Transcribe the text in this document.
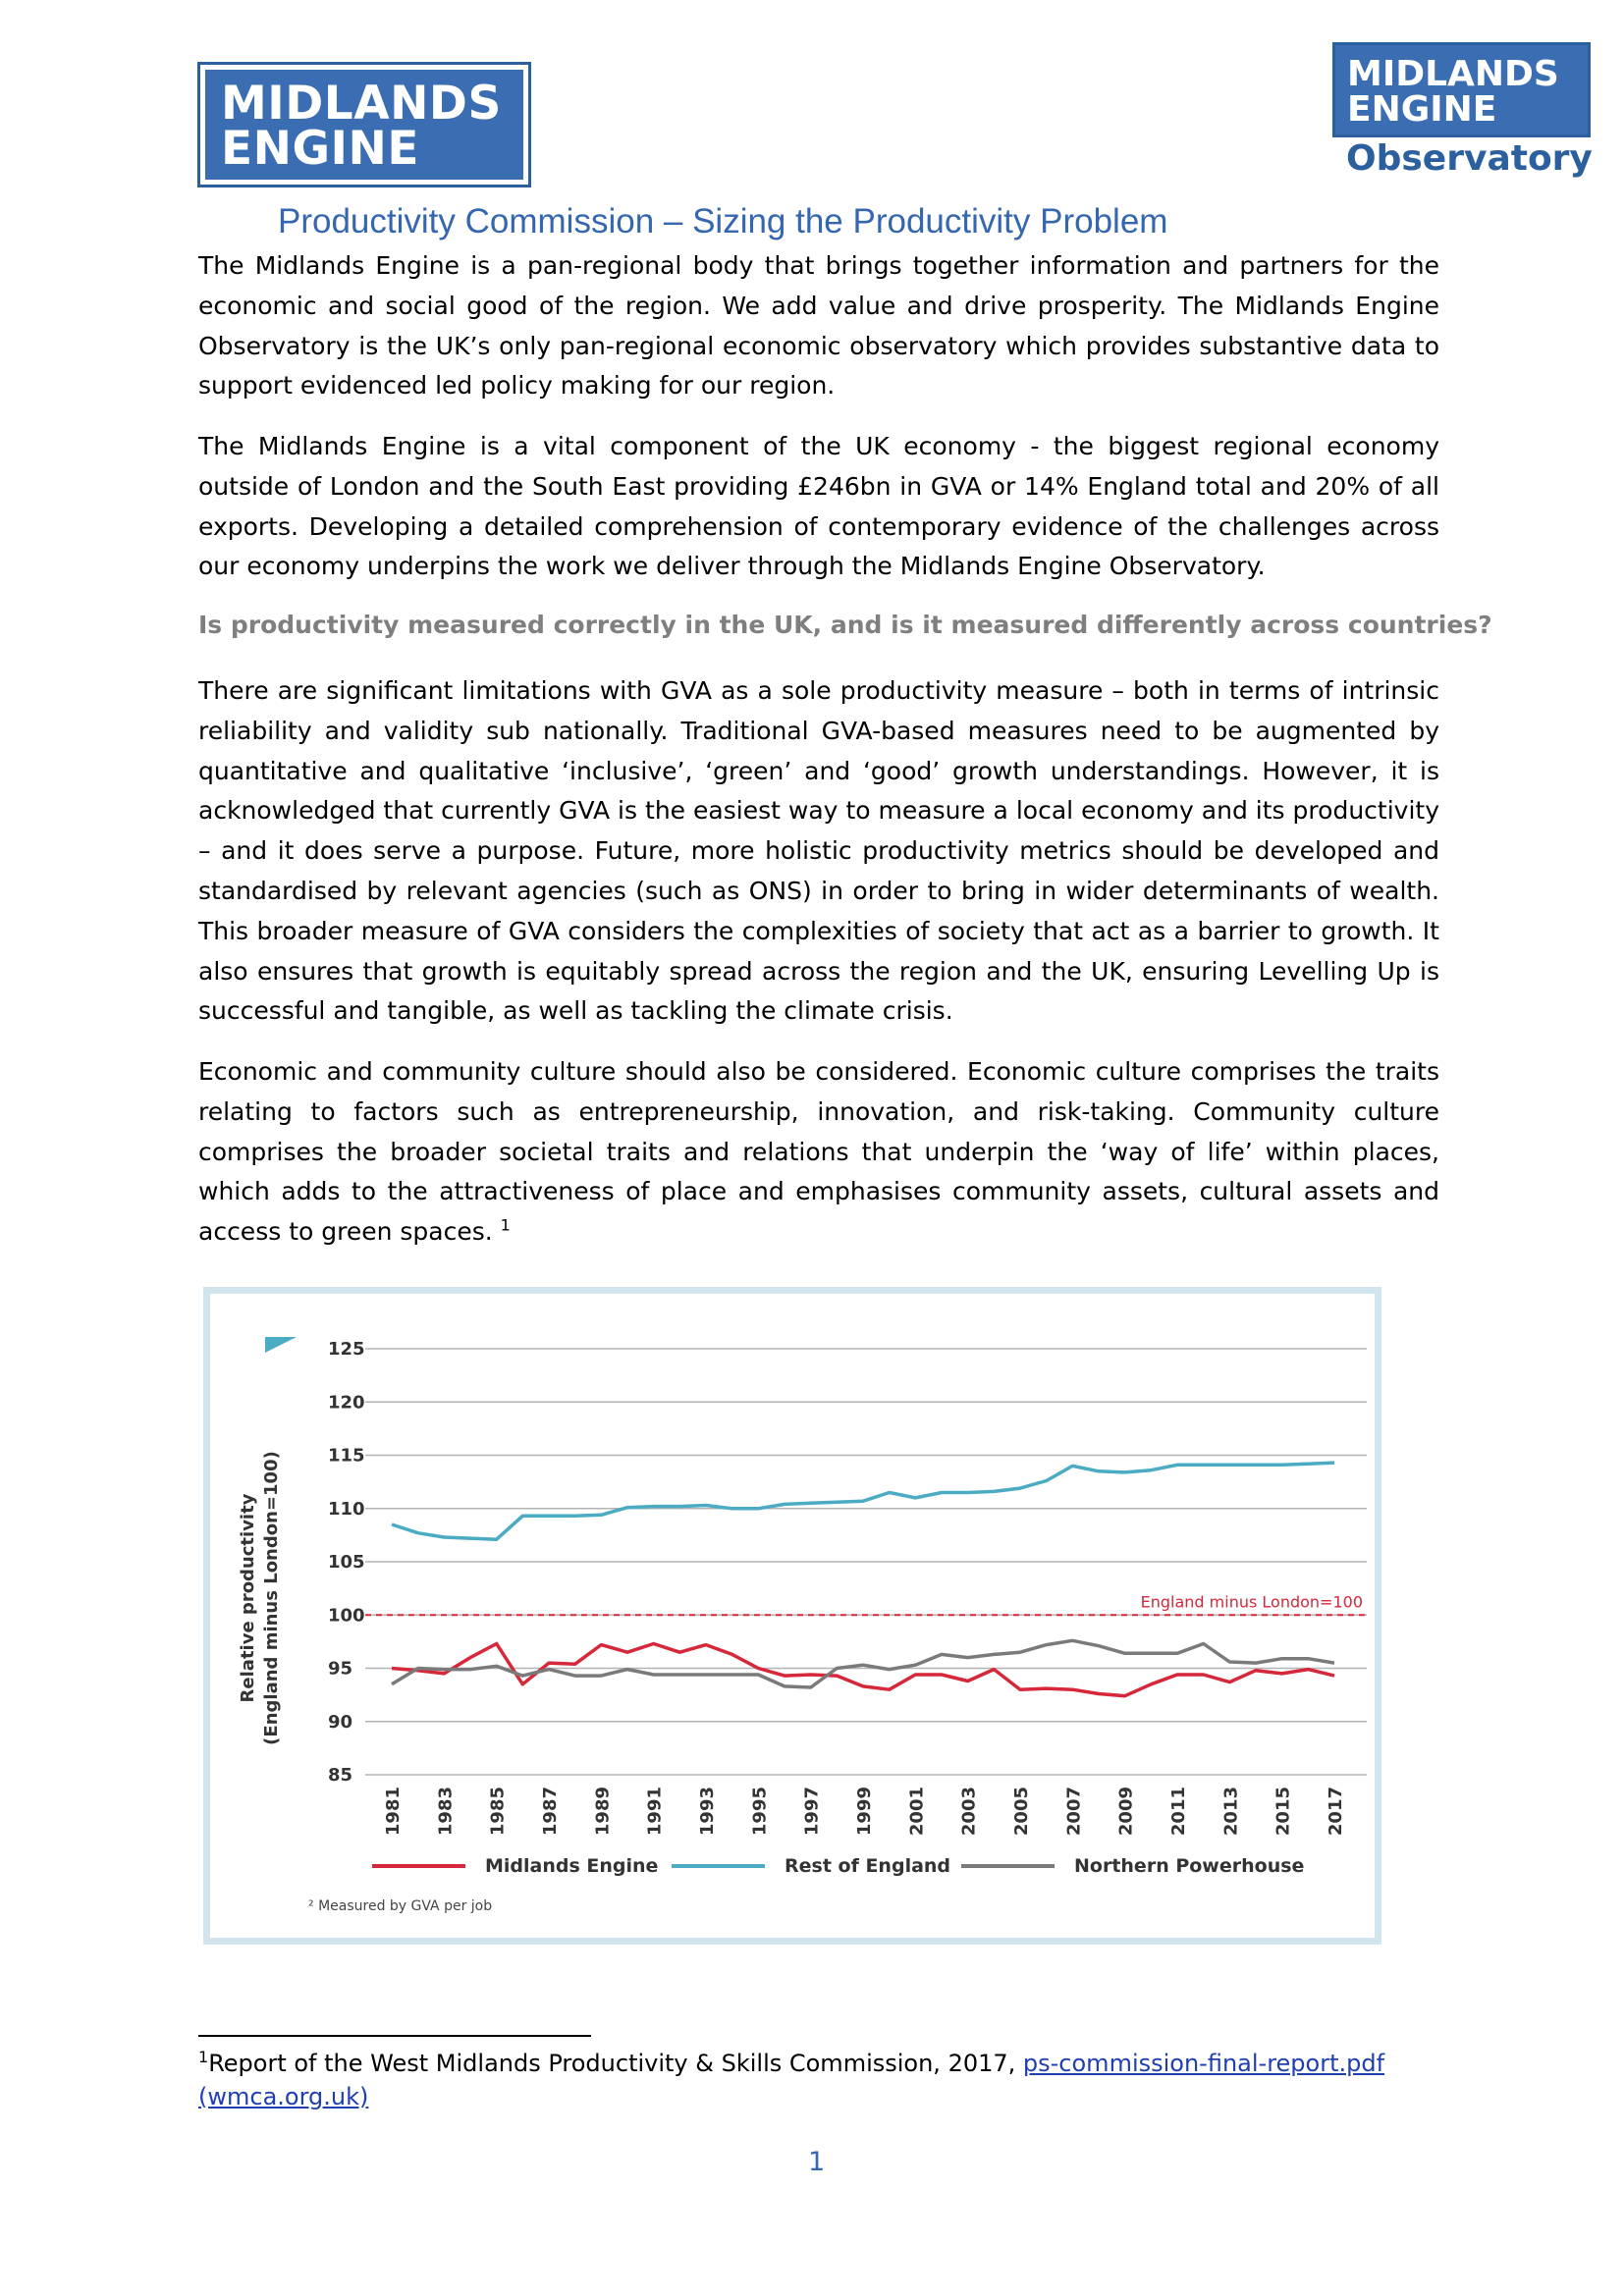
MIDLANDS
ENGINE
MIDLANDS
ENGINE
Observatory
Productivity Commission – Sizing the Productivity Problem

The Midlands Engine is a pan-regional body that brings together information and partners for the economic and social good of the region. We add value and drive prosperity. The Midlands Engine Observatory is the UK’s only pan-regional economic observatory which provides substantive data to support evidenced led policy making for our region.

The Midlands Engine is a vital component of the UK economy - the biggest regional economy outside of London and the South East providing £246bn in GVA or 14% England total and 20% of all exports. Developing a detailed comprehension of contemporary evidence of the challenges across our economy underpins the work we deliver through the Midlands Engine Observatory.

Is productivity measured correctly in the UK, and is it measured differently across countries?

There are significant limitations with GVA as a sole productivity measure – both in terms of intrinsic reliability and validity sub nationally. Traditional GVA-based measures need to be augmented by quantitative and qualitative ‘inclusive’, ‘green’ and ‘good’ growth understandings. However, it is acknowledged that currently GVA is the easiest way to measure a local economy and its productivity – and it does serve a purpose. Future, more holistic productivity metrics should be developed and standardised by relevant agencies (such as ONS) in order to bring in wider determinants of wealth. This broader measure of GVA considers the complexities of society that act as a barrier to growth. It also ensures that growth is equitably spread across the region and the UK, ensuring Levelling Up is successful and tangible, as well as tackling the climate crisis.

Economic and community culture should also be considered. Economic culture comprises the traits relating to factors such as entrepreneurship, innovation, and risk-taking. Community culture comprises the broader societal traits and relations that underpin the ‘way of life’ within places, which adds to the attractiveness of place and emphasises community assets, cultural assets and access to green spaces. $^1$

85
90
95
100
105
110
115
120
125
1981 1983 1985 1987 1989 1991 1993 1995 1997 1999 2001 2003 2005 2007 2009 2011 2013 2015 2017
England minus London=100
Relative productivity (England minus London=100)
Midlands Engine	Rest of England	Northern Powerhouse
² Measured by GVA per job
$^1$Report of the West Midlands Productivity & Skills Commission, 2017, ps-commission-final-report.pdf
(wmca.org.uk)
1
